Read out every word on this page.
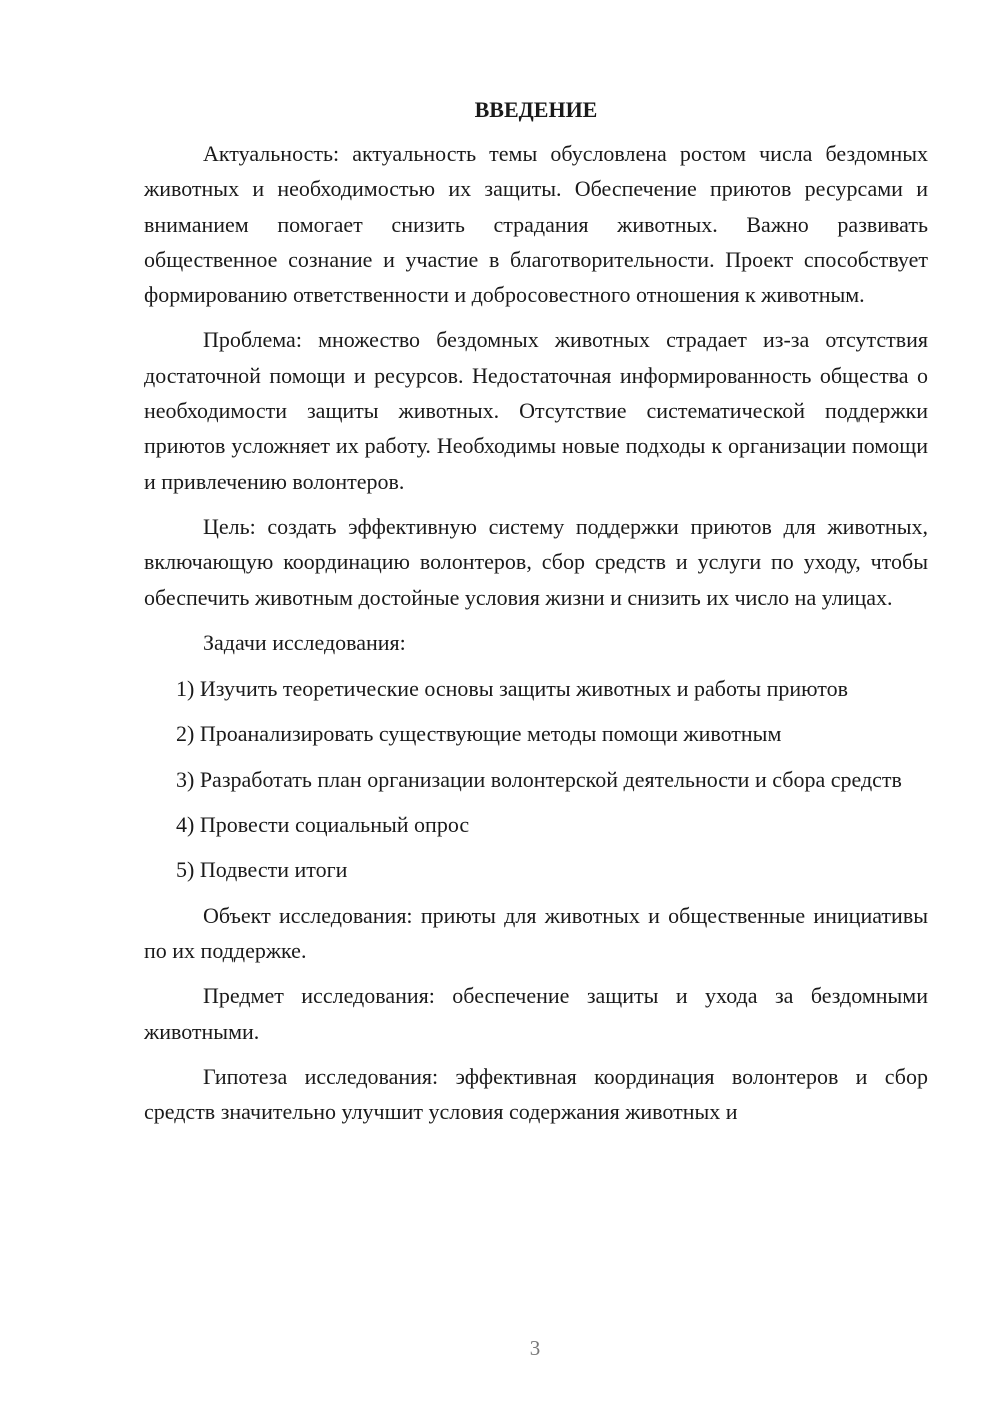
ВВЕДЕНИЕ

Актуальность: актуальность темы обусловлена ростом числа бездомных животных и необходимостью их защиты. Обеспечение приютов ресурсами и вниманием помогает снизить страдания животных. Важно развивать общественное сознание и участие в благотворительности. Проект способствует формированию ответственности и добросовестного отношения к животным.

Проблема: множество бездомных животных страдает из-за отсутствия достаточной помощи и ресурсов. Недостаточная информированность общества о необходимости защиты животных. Отсутствие систематической поддержки приютов усложняет их работу. Необходимы новые подходы к организации помощи и привлечению волонтеров.

Цель: создать эффективную систему поддержки приютов для животных, включающую координацию волонтеров, сбор средств и услуги по уходу, чтобы обеспечить животным достойные условия жизни и снизить их число на улицах.

Задачи исследования:

1) Изучить теоретические основы защиты животных и работы приютов

2) Проанализировать существующие методы помощи животным

3) Разработать план организации волонтерской деятельности и сбора средств

4) Провести социальный опрос

5) Подвести итоги

Объект исследования: приюты для животных и общественные инициативы по их поддержке.

Предмет исследования: обеспечение защиты и ухода за бездомными животными.

Гипотеза исследования: эффективная координация волонтеров и сбор средств значительно улучшит условия содержания животных и

3
